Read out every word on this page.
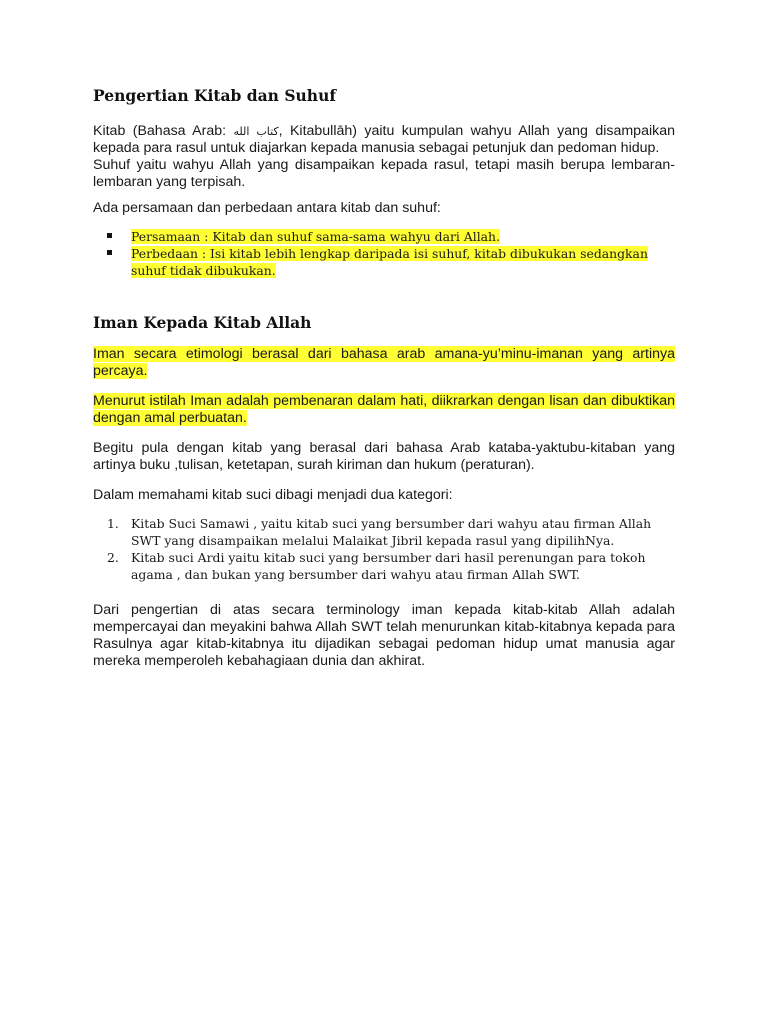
Pengertian Kitab dan Suhuf

Kitab (Bahasa Arab: كتاب الله, Kitabullāh) yaitu kumpulan wahyu Allah yang disampaikan kepada para rasul untuk diajarkan kepada manusia sebagai petunjuk dan pedoman hidup.

Suhuf yaitu wahyu Allah yang disampaikan kepada rasul, tetapi masih berupa lembaran-lembaran yang terpisah.

Ada persamaan dan perbedaan antara kitab dan suhuf:

Persamaan : Kitab dan suhuf sama-sama wahyu dari Allah.
Perbedaan : Isi kitab lebih lengkap daripada isi suhuf, kitab dibukukan sedangkan suhuf tidak dibukukan.
Iman Kepada Kitab Allah

Iman secara etimologi berasal dari bahasa arab amana-yu’minu-imanan yang artinya percaya.

Menurut istilah Iman adalah pembenaran dalam hati, diikrarkan dengan lisan dan dibuktikan dengan amal perbuatan.

Begitu pula dengan kitab yang berasal dari bahasa Arab kataba-yaktubu-kitaban yang artinya buku ,tulisan, ketetapan, surah kiriman dan hukum (peraturan).

Dalam memahami kitab suci dibagi menjadi dua kategori:

1. Kitab Suci Samawi , yaitu kitab suci yang bersumber dari wahyu atau firman Allah SWT yang disampaikan melalui Malaikat Jibril kepada rasul yang dipilihNya.
2. Kitab suci Ardi yaitu kitab suci yang bersumber dari hasil perenungan para tokoh agama , dan bukan yang bersumber dari wahyu atau firman Allah SWT.

Dari pengertian di atas secara terminology iman kepada kitab-kitab Allah adalah mempercayai dan meyakini bahwa Allah SWT telah menurunkan kitab-kitabnya kepada para Rasulnya agar kitab-kitabnya itu dijadikan sebagai pedoman hidup umat manusia agar mereka memperoleh kebahagiaan dunia dan akhirat.
